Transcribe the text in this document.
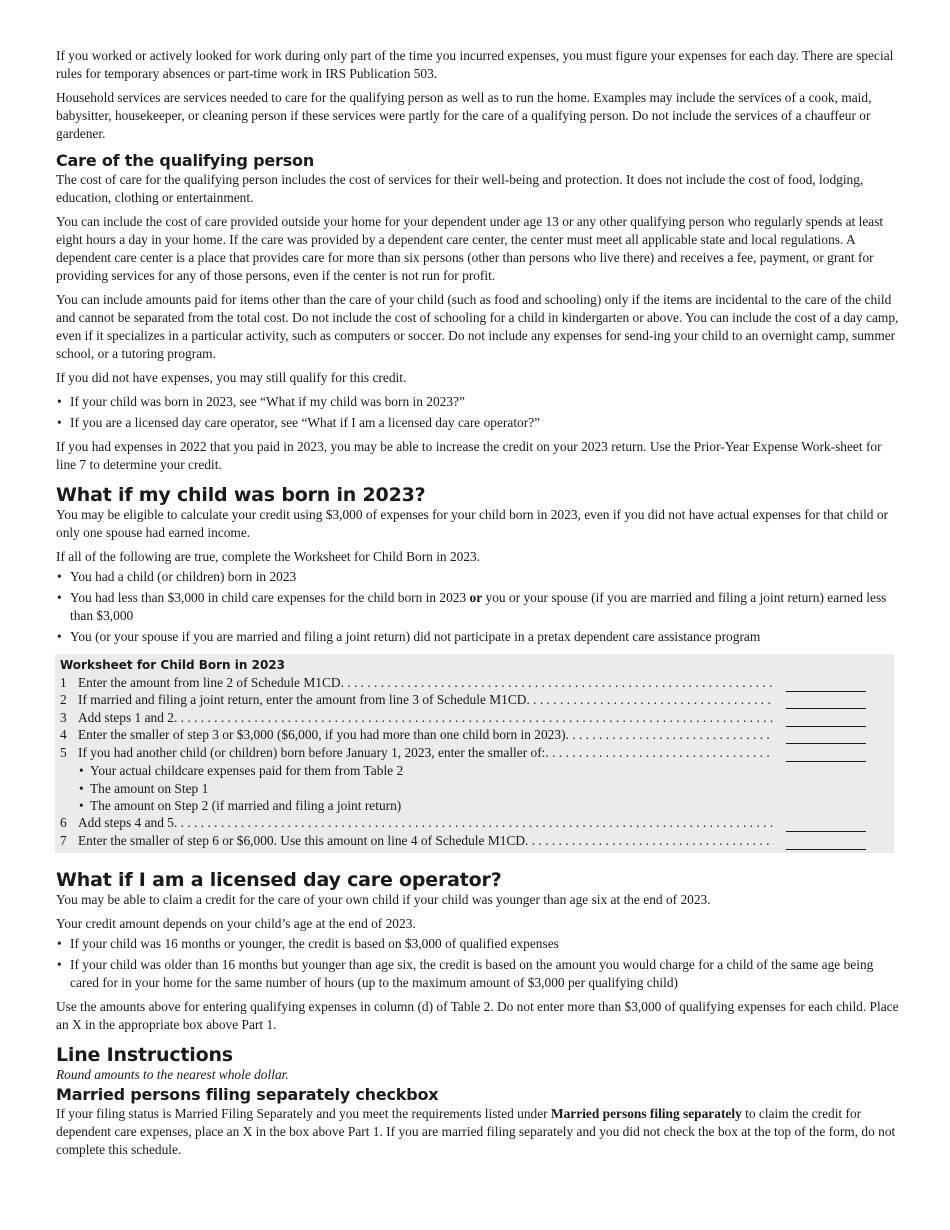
If you worked or actively looked for work during only part of the time you incurred expenses, you must figure your expenses for each day. There are special rules for temporary absences or part-time work in IRS Publication 503.

Household services are services needed to care for the qualifying person as well as to run the home. Examples may include the services of a cook, maid, babysitter, housekeeper, or cleaning person if these services were partly for the care of a qualifying person. Do not include the services of a chauffeur or gardener.

Care of the qualifying person

The cost of care for the qualifying person includes the cost of services for their well-being and protection. It does not include the cost of food, lodging, education, clothing or entertainment.

You can include the cost of care provided outside your home for your dependent under age 13 or any other qualifying person who regularly spends at least eight hours a day in your home. If the care was provided by a dependent care center, the center must meet all applicable state and local regulations. A dependent care center is a place that provides care for more than six persons (other than persons who live there) and receives a fee, payment, or grant for providing services for any of those persons, even if the center is not run for profit.

You can include amounts paid for items other than the care of your child (such as food and schooling) only if the items are incidental to the care of the child and cannot be separated from the total cost. Do not include the cost of schooling for a child in kindergarten or above. You can include the cost of a day camp, even if it specializes in a particular activity, such as computers or soccer. Do not include any expenses for send-ing your child to an overnight camp, summer school, or a tutoring program.

If you did not have expenses, you may still qualify for this credit.

• If your child was born in 2023, see “What if my child was born in 2023?”
• If you are a licensed day care operator, see “What if I am a licensed day care operator?”

If you had expenses in 2022 that you paid in 2023, you may be able to increase the credit on your 2023 return. Use the Prior-Year Expense Work-sheet for line 7 to determine your credit.

What if my child was born in 2023?

You may be eligible to calculate your credit using $3,000 of expenses for your child born in 2023, even if you did not have actual expenses for that child or only one spouse had earned income.

If all of the following are true, complete the Worksheet for Child Born in 2023.

• You had a child (or children) born in 2023
• You had less than $3,000 in child care expenses for the child born in 2023 or you or your spouse (if you are married and filing a joint return) earned less than $3,000
• You (or your spouse if you are married and filing a joint return) did not participate in a pretax dependent care assistance program
Worksheet for Child Born in 2023
1 Enter the amount from line 2 of Schedule M1CD
. . .
2 If married and filing a joint return, enter the amount from line 3 of Schedule M1CD
. . .
3 Add steps 1 and 2
. . .
4 Enter the smaller of step 3 or $3,000 ($6,000, if you had more than one child born in 2023)
. . .
5 If you had another child (or children) born before January 1, 2023, enter the smaller of:
. . .
• Your actual childcare expenses paid for them from Table 2
• The amount on Step 1
• The amount on Step 2 (if married and filing a joint return)
6 Add steps 4 and 5
. . .
7 Enter the smaller of step 6 or $6,000. Use this amount on line 4 of Schedule M1CD
. . .
What if I am a licensed day care operator?

You may be able to claim a credit for the care of your own child if your child was younger than age six at the end of 2023.

Your credit amount depends on your child’s age at the end of 2023.

• If your child was 16 months or younger, the credit is based on $3,000 of qualified expenses
• If your child was older than 16 months but younger than age six, the credit is based on the amount you would charge for a child of the same age being cared for in your home for the same number of hours (up to the maximum amount of $3,000 per qualifying child)

Use the amounts above for entering qualifying expenses in column (d) of Table 2. Do not enter more than $3,000 of qualifying expenses for each child. Place an X in the appropriate box above Part 1.

Line Instructions

Round amounts to the nearest whole dollar.

Married persons filing separately checkbox

If your filing status is Married Filing Separately and you meet the requirements listed under Married persons filing separately to claim the credit for dependent care expenses, place an X in the box above Part 1. If you are married filing separately and you did not check the box at the top of the form, do not complete this schedule.
